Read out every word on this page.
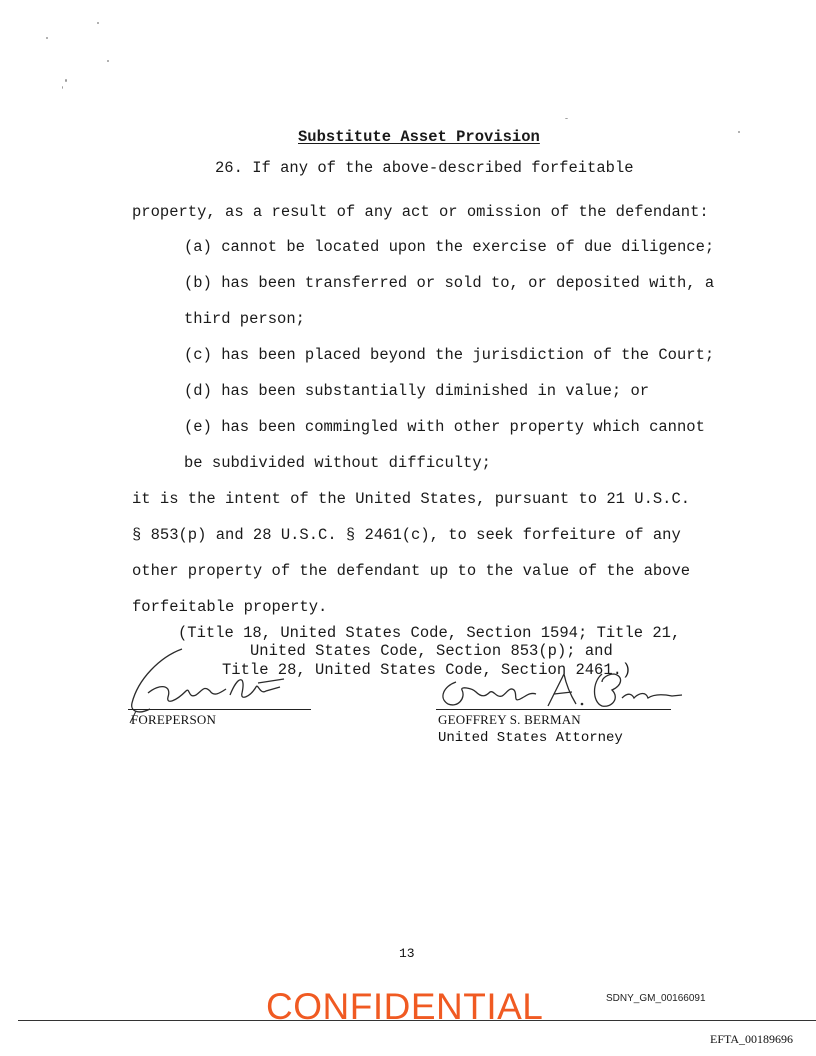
Substitute Asset Provision
26. If any of the above-described forfeitable
property, as a result of any act or omission of the defendant:
(a) cannot be located upon the exercise of due diligence;
(b) has been transferred or sold to, or deposited with, a
third person;
(c) has been placed beyond the jurisdiction of the Court;
(d) has been substantially diminished in value; or
(e) has been commingled with other property which cannot
be subdivided without difficulty;
it is the intent of the United States, pursuant to 21 U.S.C.
§ 853(p) and 28 U.S.C. § 2461(c), to seek forfeiture of any
other property of the defendant up to the value of the above
forfeitable property.
(Title 18, United States Code, Section 1594; Title 21,
United States Code, Section 853(p); and
Title 28, United States Code, Section 2461.)
FOREPERSON	GEOFFREY S. BERMAN
United States Attorney
13
CONFIDENTIAL	SDNY_GM_00166091
EFTA_00189696
